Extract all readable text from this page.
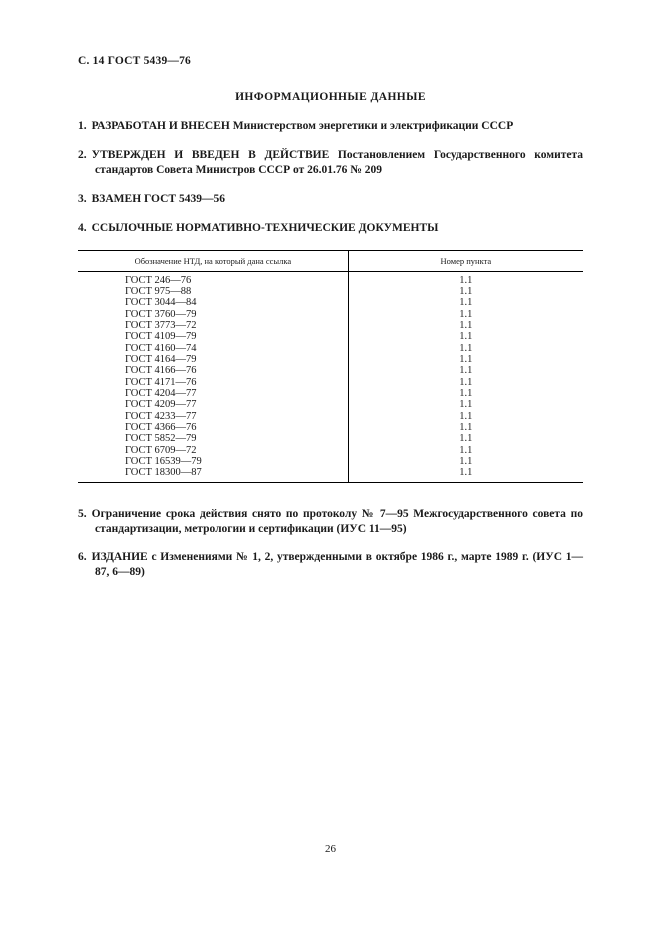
С. 14 ГОСТ 5439—76
ИНФОРМАЦИОННЫЕ ДАННЫЕ
1. РАЗРАБОТАН И ВНЕСЕН Министерством энергетики и электрификации СССР
2. УТВЕРЖДЕН И ВВЕДЕН В ДЕЙСТВИЕ Постановлением Государственного комитета стандартов Совета Министров СССР от 26.01.76 № 209
3. ВЗАМЕН ГОСТ 5439—56
4. ССЫЛОЧНЫЕ НОРМАТИВНО-ТЕХНИЧЕСКИЕ ДОКУМЕНТЫ
Обозначение НТД, на который дана ссылка	Номер пункта
ГОСТ 246—76	1.1
ГОСТ 975—88	1.1
ГОСТ 3044—84	1.1
ГОСТ 3760—79	1.1
ГОСТ 3773—72	1.1
ГОСТ 4109—79	1.1
ГОСТ 4160—74	1.1
ГОСТ 4164—79	1.1
ГОСТ 4166—76	1.1
ГОСТ 4171—76	1.1
ГОСТ 4204—77	1.1
ГОСТ 4209—77	1.1
ГОСТ 4233—77	1.1
ГОСТ 4366—76	1.1
ГОСТ 5852—79	1.1
ГОСТ 6709—72	1.1
ГОСТ 16539—79	1.1
ГОСТ 18300—87	1.1
5. Ограничение срока действия снято по протоколу № 7—95 Межгосударственного совета по стандартизации, метрологии и сертификации (ИУС 11—95)
6. ИЗДАНИЕ с Изменениями № 1, 2, утвержденными в октябре 1986 г., марте 1989 г. (ИУС 1—87, 6—89)
26
